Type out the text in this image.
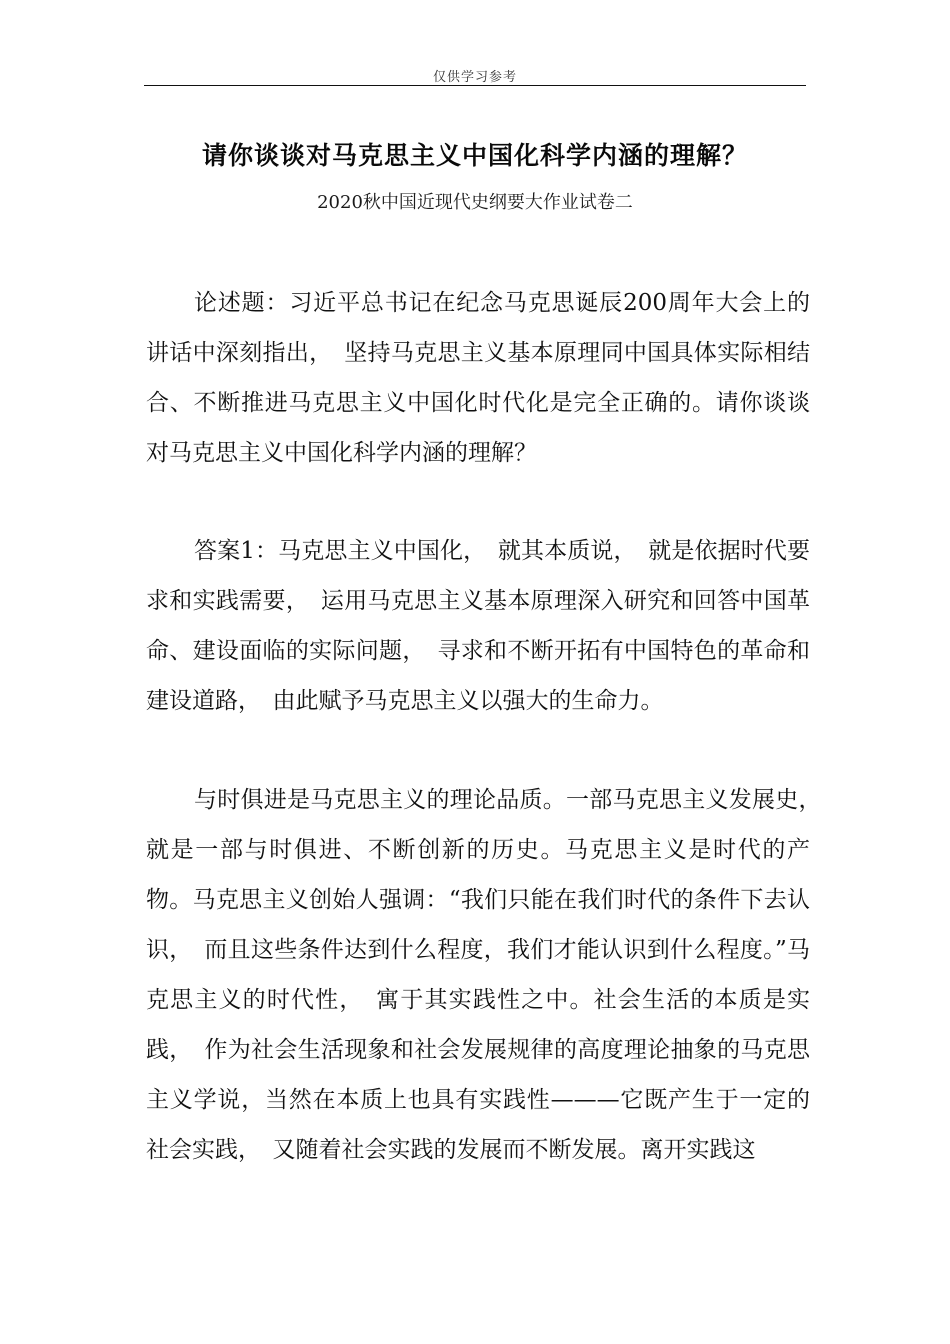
仅供学习参考
请你谈谈对马克思主义中国化科学内涵的理解？
2020秋中国近现代史纲要大作业试卷二

论述题：习近平总书记在纪念马克思诞辰200周年大会上的讲话中深刻指出，　坚持马克思主义基本原理同中国具体实际相结合、不断推进马克思主义中国化时代化是完全正确的。请你谈谈对马克思主义中国化科学内涵的理解？

答案1：马克思主义中国化，　就其本质说，　就是依据时代要求和实践需要，　运用马克思主义基本原理深入研究和回答中国革命、建设面临的实际问题，　寻求和不断开拓有中国特色的革命和建设道路，　由此赋予马克思主义以强大的生命力。

与时俱进是马克思主义的理论品质。一部马克思主义发展史，　就是一部与时俱进、不断创新的历史。马克思主义是时代的产物。马克思主义创始人强调：“我们只能在我们时代的条件下去认识，　而且这些条件达到什么程度，我们才能认识到什么程度。”马克思主义的时代性，　寓于其实践性之中。社会生活的本质是实践，　作为社会生活现象和社会发展规律的高度理论抽象的马克思主义学说，当然在本质上也具有实践性———它既产生于一定的社会实践，　又随着社会实践的发展而不断发展。离开实践这
